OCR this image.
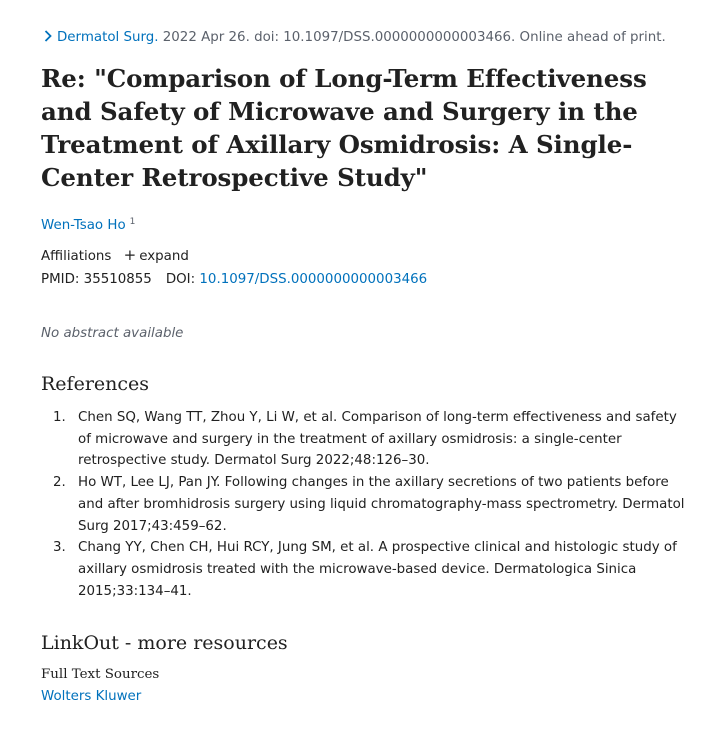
Dermatol Surg. 2022 Apr 26. doi: 10.1097/DSS.0000000000003466. Online ahead of print.
Re: "Comparison of Long-Term Effectiveness and Safety of Microwave and Surgery in the Treatment of Axillary Osmidrosis: A Single-Center Retrospective Study"
Wen-Tsao Ho $^1$
Affiliations + expand
PMID: 35510855 DOI: 10.1097/DSS.0000000000003466
No abstract available
References
1. Chen SQ, Wang TT, Zhou Y, Li W, et al. Comparison of long-term effectiveness and safety of microwave and surgery in the treatment of axillary osmidrosis: a single-center retrospective study. Dermatol Surg 2022;48:126–30.
2. Ho WT, Lee LJ, Pan JY. Following changes in the axillary secretions of two patients before and after bromhidrosis surgery using liquid chromatography-mass spectrometry. Dermatol Surg 2017;43:459–62.
3. Chang YY, Chen CH, Hui RCY, Jung SM, et al. A prospective clinical and histologic study of axillary osmidrosis treated with the microwave-based device. Dermatologica Sinica 2015;33:134–41.
LinkOut - more resources
Full Text Sources
Wolters Kluwer
